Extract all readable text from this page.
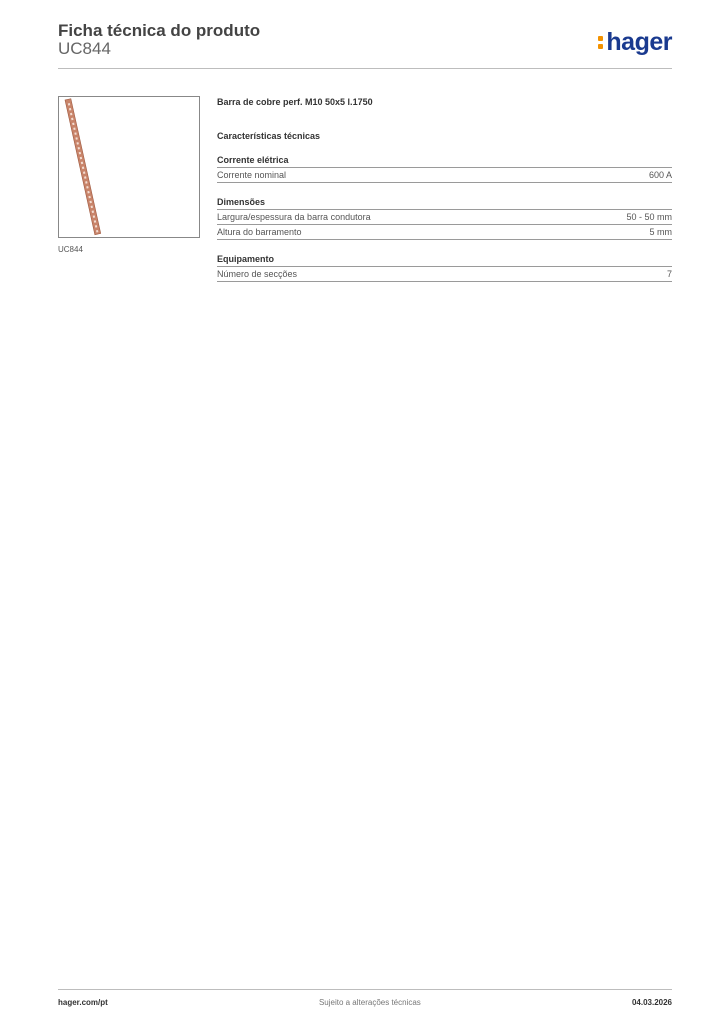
Ficha técnica do produto
UC844	hager
UC844
Barra de cobre perf. M10 50x5 l.1750
Características técnicas
Corrente elétrica
Corrente nominal	600 A
Dimensões
Largura/espessura da barra condutora	50 - 50 mm
Altura do barramento	5 mm
Equipamento
Número de secções	7
hager.com/pt	Sujeito a alterações técnicas	04.03.2026
